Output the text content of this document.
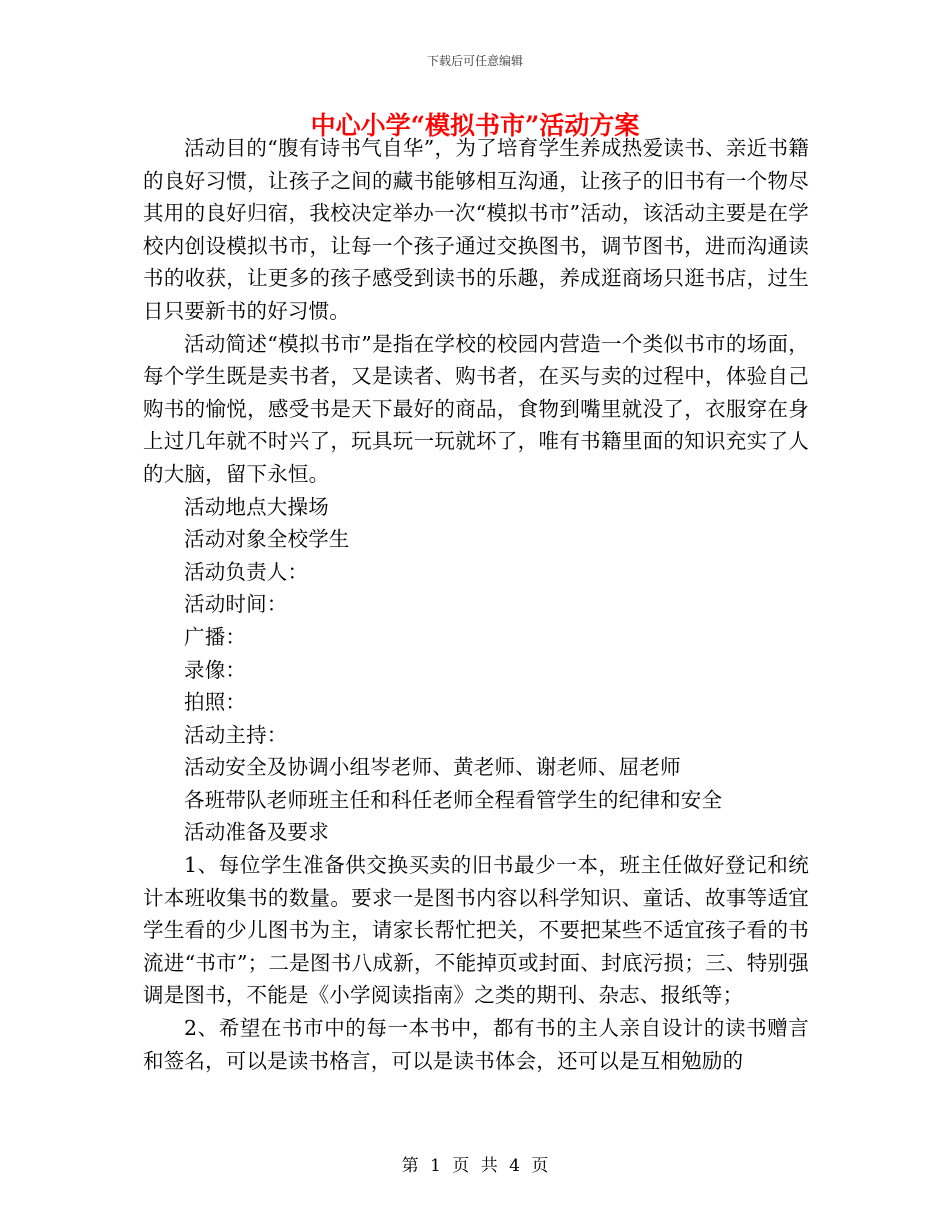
下载后可任意编辑
中心小学“模拟书市”活动方案

活动目的“腹有诗书气自华”，为了培育学生养成热爱读书、亲近书籍的良好习惯，让孩子之间的藏书能够相互沟通，让孩子的旧书有一个物尽其用的良好归宿，我校决定举办一次“模拟书市”活动，该活动主要是在学校内创设模拟书市，让每一个孩子通过交换图书，调节图书，进而沟通读书的收获，让更多的孩子感受到读书的乐趣，养成逛商场只逛书店，过生日只要新书的好习惯。

活动简述“模拟书市”是指在学校的校园内营造一个类似书市的场面，每个学生既是卖书者，又是读者、购书者，在买与卖的过程中，体验自己购书的愉悦，感受书是天下最好的商品，食物到嘴里就没了，衣服穿在身上过几年就不时兴了，玩具玩一玩就坏了，唯有书籍里面的知识充实了人的大脑，留下永恒。

活动地点大操场

活动对象全校学生

活动负责人：

活动时间：

广播：

录像：

拍照：

活动主持：

活动安全及协调小组岑老师、黄老师、谢老师、屈老师

各班带队老师班主任和科任老师全程看管学生的纪律和安全

活动准备及要求

1、每位学生准备供交换买卖的旧书最少一本，班主任做好登记和统计本班收集书的数量。要求一是图书内容以科学知识、童话、故事等适宜学生看的少儿图书为主，请家长帮忙把关，不要把某些不适宜孩子看的书流进“书市”；二是图书八成新，不能掉页或封面、封底污损；三、特别强调是图书，不能是《小学阅读指南》之类的期刊、杂志、报纸等；

2、希望在书市中的每一本书中，都有书的主人亲自设计的读书赠言和签名，可以是读书格言，可以是读书体会，还可以是互相勉励的

第 1 页 共 4 页
